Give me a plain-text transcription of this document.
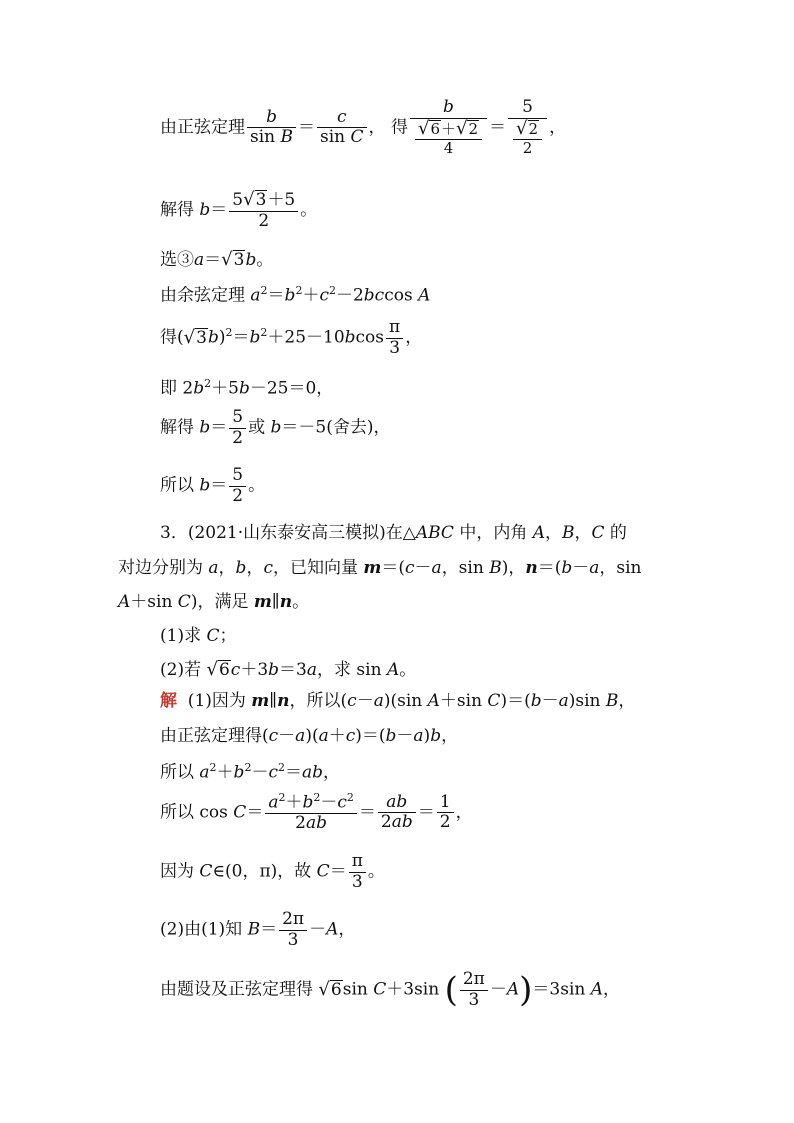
由正弦定理 $\frac{b}{\text{sin B}} = \frac{c}{\text{sin C}}$ ， 得 $\frac{b}{\frac{√6+√2}{4}} = \frac{5}{\frac{√2}{2}}$ ，
解得 $b= \frac{5√3+5}{2}$ 。
选③a＝√3b。
由余弦定理 $a^2=b^2+c^2-2bccos$ A
得$(√3b)^2=b^2+25-10bcos \frac{\pi}{3}$ ，
即 $2b^2+5b-25=0$，
解得 $b= \frac{5}{2}$ 或 b＝－5(舍去)，
所以 $b= \frac{5}{2}$ 。
3．(2021·山东泰安高三模拟)在△ABC 中，内角 A，B，C 的
对边分别为 a，b，c，已知向量 m＝(c－a，sin B)，n＝(b－a，sin
A＋sin C)，满足 m∥n。
(1)求 C；
(2)若 √6c＋3b＝3a，求 sin A。
解  (1)因为 m∥n，所以(c－a)(sin A＋sin C)＝(b－a)sin B，
由正弦定理得(c－a)(a＋c)＝(b－a)b，
所以 $a^2+b^2-c^2=ab$，
所以 $\cos C= \frac{a^2+b^2-c^2}{2ab} = \frac{ab}{2ab} = \frac{1}{2}$ ，
因为 C∈(0，π)，故 $C= \frac{\pi}{3}$ 。
(2)由(1)知 $B= \frac{2\pi}{3} -A$，
由题设及正弦定理得 √6sin C＋3sin ( $\frac{2\pi}{3} -A)=3\sin$ A，
